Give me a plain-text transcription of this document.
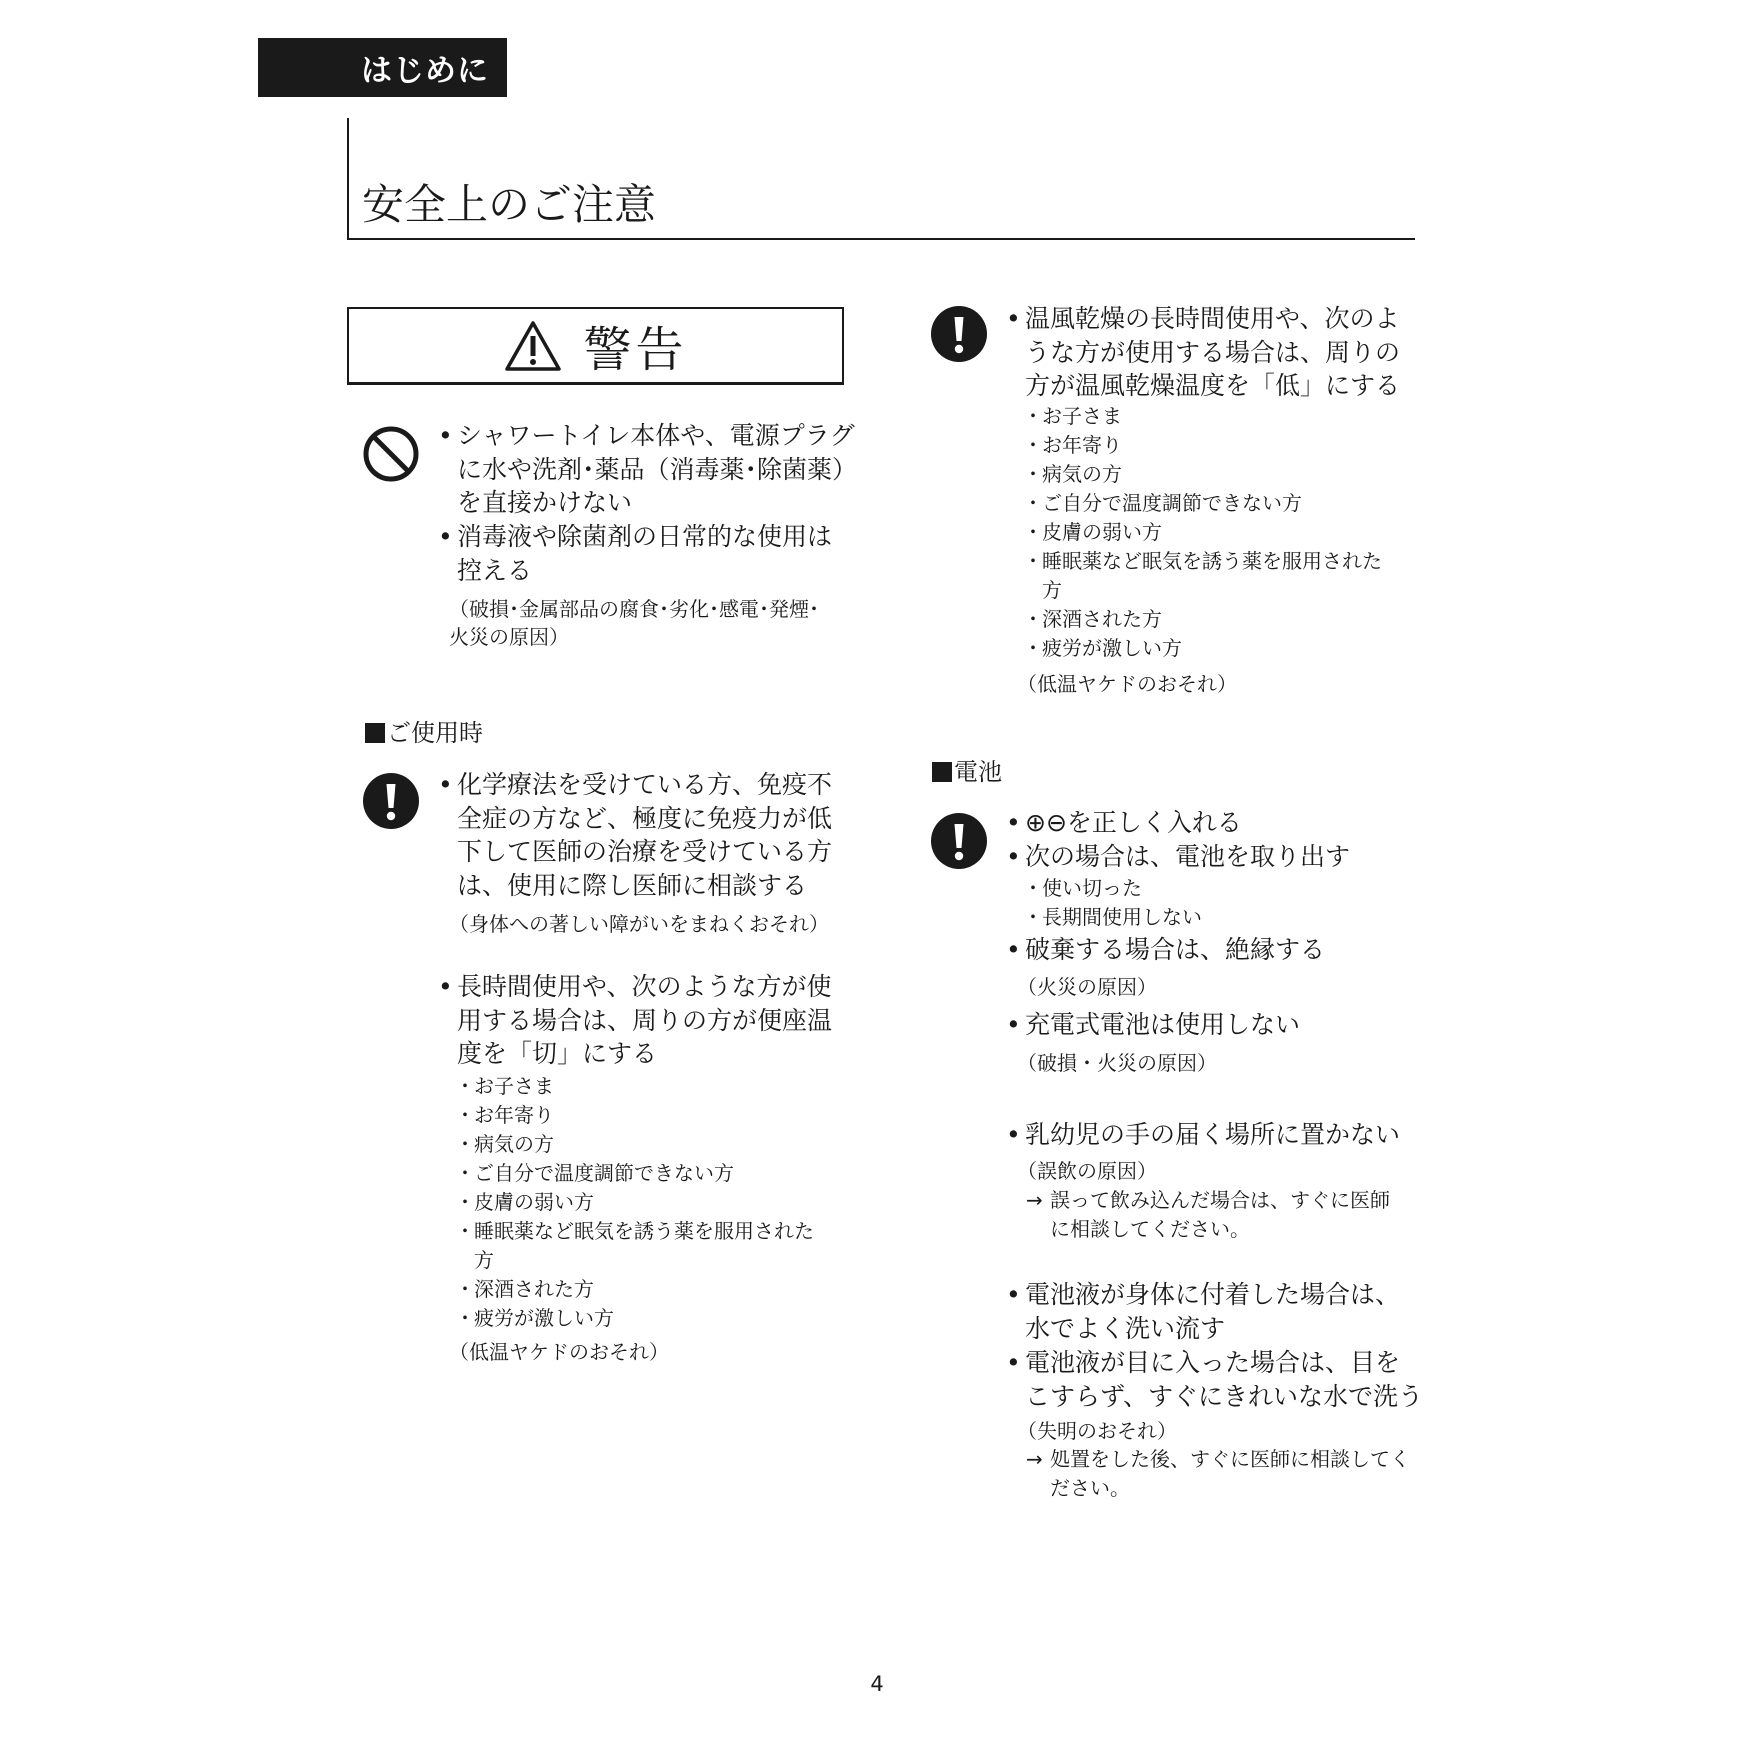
はじめに
安全上のご注意
警告
• シャワートイレ本体や、電源プラグ
に水や洗剤･薬品（消毒薬･除菌薬）
を直接かけない
• 消毒液や除菌剤の日常的な使用は
控える
（破損･金属部品の腐食･劣化･感電･発煙･
火災の原因）
ご使用時
• 化学療法を受けている方、免疫不
全症の方など、極度に免疫力が低
下して医師の治療を受けている方
は、使用に際し医師に相談する
（身体への著しい障がいをまねくおそれ）
• 長時間使用や、次のような方が使
用する場合は、周りの方が便座温
度を「切」にする
･ お子さま
･ お年寄り
･ 病気の方
･ ご自分で温度調節できない方
･ 皮膚の弱い方
･ 睡眠薬など眠気を誘う薬を服用された
方
･ 深酒された方
･ 疲労が激しい方
（低温ヤケドのおそれ）
• 温風乾燥の長時間使用や、次のよ
うな方が使用する場合は、周りの
方が温風乾燥温度を「低」にする
･ お子さま
･ お年寄り
･ 病気の方
･ ご自分で温度調節できない方
･ 皮膚の弱い方
･ 睡眠薬など眠気を誘う薬を服用された
方
･ 深酒された方
･ 疲労が激しい方
（低温ヤケドのおそれ）
電池
• ⊕⊖を正しく入れる
• 次の場合は、電池を取り出す
･ 使い切った
･ 長期間使用しない
• 破棄する場合は、絶縁する
（火災の原因）
• 充電式電池は使用しない
（破損・火災の原因）
• 乳幼児の手の届く場所に置かない
（誤飲の原因）
→ 誤って飲み込んだ場合は、すぐに医師
に相談してください。
• 電池液が身体に付着した場合は、
水でよく洗い流す
• 電池液が目に入った場合は、目を
こすらず、すぐにきれいな水で洗う
（失明のおそれ）
→ 処置をした後、すぐに医師に相談してく
ださい。
4
